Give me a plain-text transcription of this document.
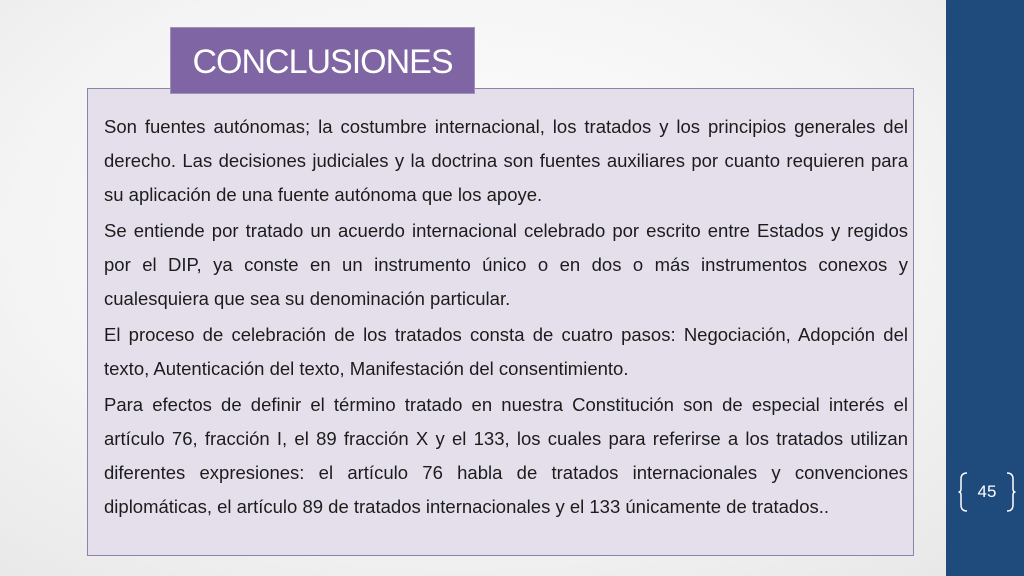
45
CONCLUSIONES

Son fuentes autónomas; la costumbre internacional, los tratados y los principios generales del derecho. Las decisiones judiciales y la doctrina son fuentes auxiliares por cuanto requieren para su aplicación de una fuente autónoma que los apoye.

Se entiende por tratado un acuerdo internacional celebrado por escrito entre Estados y regidos por el DIP, ya conste en un instrumento único o en dos o más instrumentos conexos y cualesquiera que sea su denominación particular.

El proceso de celebración de los tratados consta de cuatro pasos: Negociación, Adopción del texto, Autenticación del texto, Manifestación del consentimiento.

Para efectos de definir el término tratado en nuestra Constitución son de especial interés el artículo 76, fracción I, el 89 fracción X y el 133, los cuales para referirse a los tratados utilizan diferentes expresiones: el artículo 76 habla de tratados internacionales y convenciones diplomáticas, el artículo 89 de tratados internacionales y el 133 únicamente de tratados..
